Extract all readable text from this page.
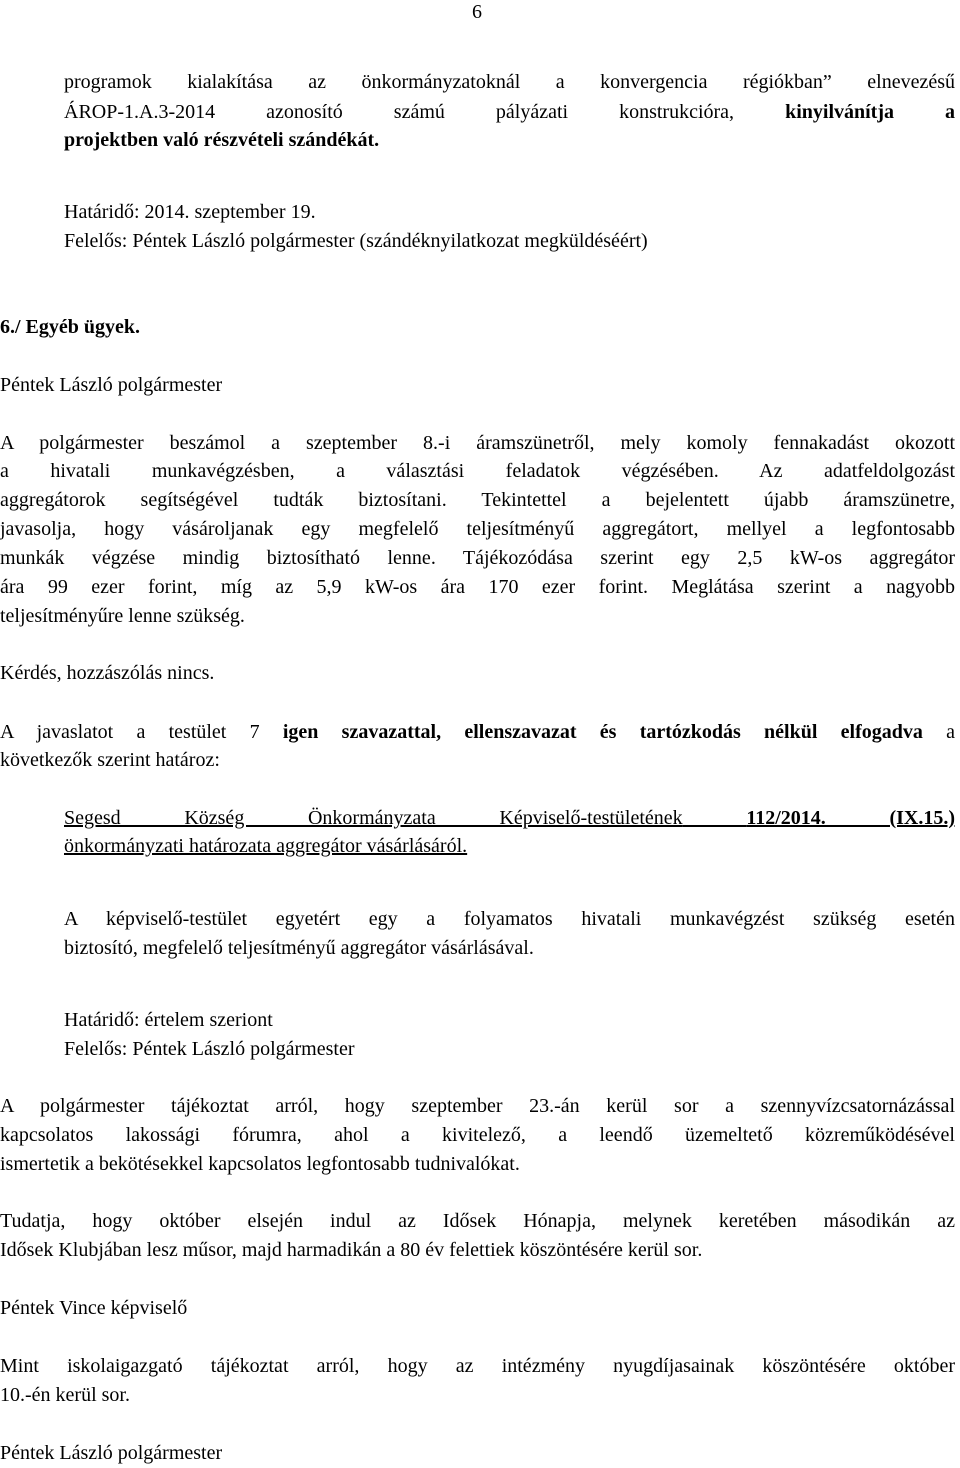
6
programok kialakítása az önkormányzatoknál a konvergencia régiókban” elnevezésű
ÁROP-1.A.3-2014 azonosító számú pályázati konstrukcióra,	kinyilvánítja a
projektben való részvételi szándékát.
Határidő: 2014. szeptember 19.
Felelős: Péntek László polgármester (szándéknyilatkozat megküldéséért)
6./ Egyéb ügyek.
Péntek László polgármester
A polgármester beszámol a szeptember 8.-i áramszünetről, mely komoly fennakadást okozott
a hivatali munkavégzésben, a választási feladatok végzésében. Az adatfeldolgozást
aggregátorok segítségével tudták biztosítani. Tekintettel a bejelentett újabb áramszünetre,
javasolja, hogy vásároljanak egy megfelelő teljesítményű aggregátort, mellyel a legfontosabb
munkák végzése mindig biztosítható lenne. Tájékozódása szerint egy 2,5 kW-os aggregátor
ára 99 ezer forint, míg az 5,9 kW-os ára 170 ezer forint. Meglátása szerint a nagyobb
teljesítményűre lenne szükség.
Kérdés, hozzászólás nincs.
A javaslatot a testület 7 igen szavazattal, ellenszavazat és tartózkodás nélkül elfogadva a
következők szerint határoz:
Segesd Község Önkormányzata Képviselő-testületének	112/2014. (IX.15.)
önkormányzati határozata aggregátor vásárlásáról.
A képviselő-testület egyetért egy a folyamatos hivatali munkavégzést szükség esetén
biztosító, megfelelő teljesítményű aggregátor vásárlásával.
Határidő: értelem szeriont
Felelős: Péntek László polgármester
A polgármester tájékoztat arról, hogy szeptember 23.-án kerül sor a szennyvízcsatornázással
kapcsolatos lakossági fórumra, ahol a kivitelező, a leendő üzemeltető közreműködésével
ismertetik a bekötésekkel kapcsolatos legfontosabb tudnivalókat.
Tudatja, hogy október elsején indul az Idősek Hónapja, melynek keretében másodikán az
Idősek Klubjában lesz műsor, majd harmadikán a 80 év felettiek köszöntésére kerül sor.
Péntek Vince képviselő
Mint iskolaigazgató tájékoztat arról, hogy az intézmény nyugdíjasainak köszöntésére október
10.-én kerül sor.
Péntek László polgármester
